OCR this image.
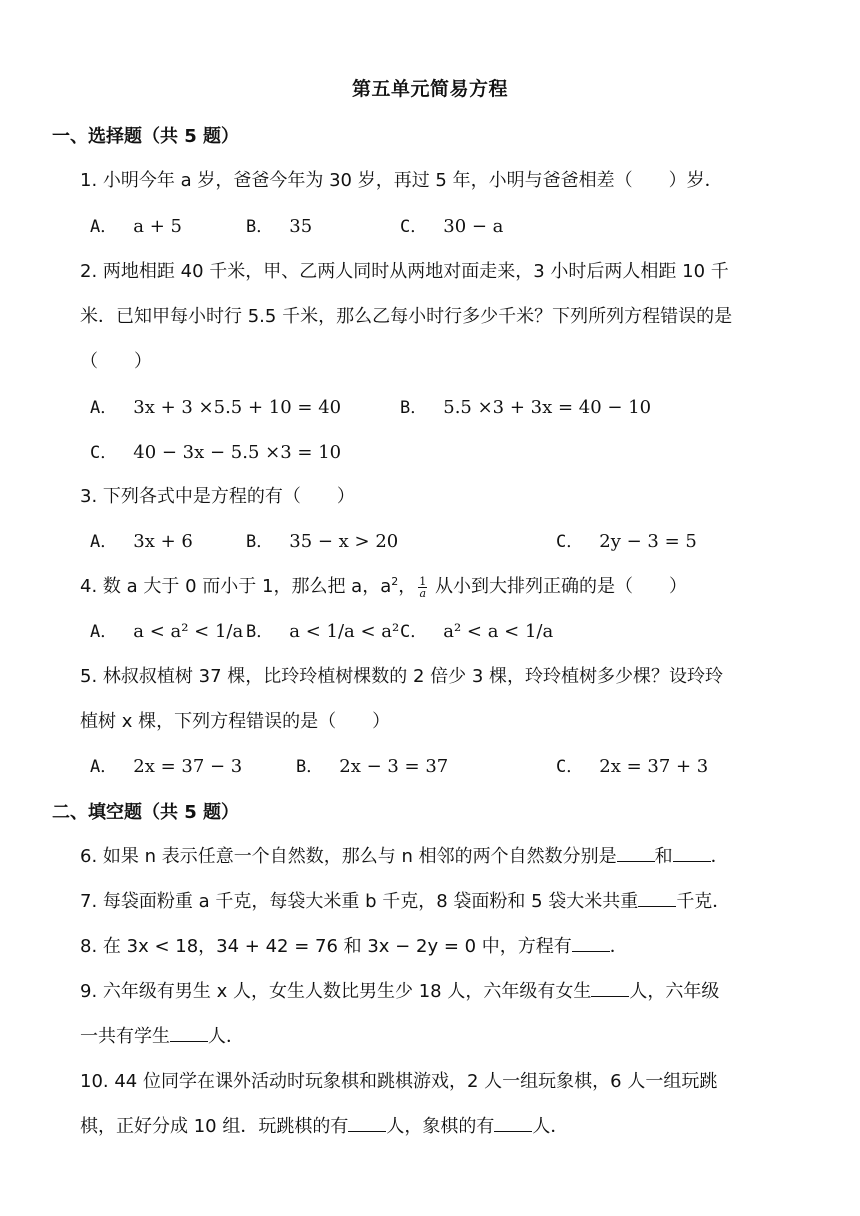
第五单元简易方程
一、选择题（共 5 题）
1. 小明今年 a 岁，爸爸今年为 30 岁，再过 5 年，小明与爸爸相差（　　）岁．
A． a + 5	B． 35	C． 30 − a
2. 两地相距 40 千米，甲、乙两人同时从两地对面走来，3 小时后两人相距 10 千
米．已知甲每小时行 5.5 千米，那么乙每小时行多少千米？下列所列方程错误的是
（　　）
A． 3x + 3 ×5.5 + 10 = 40	B． 5.5 ×3 + 3x = 40 − 10
C． 40 − 3x − 5.5 ×3 = 10
3. 下列各式中是方程的有（　　）
A． 3x + 6	B． 35 − x > 20	C． 2y − 3 = 5
4. 数 a 大于 0 而小于 1，那么把 a，$a^2$， $\frac{1}{a}$ 从小到大排列正确的是（　　）
A． a < a² < 1/a B． a < 1/a < a² C． a² < a < 1/a
5. 林叔叔植树 37 棵，比玲玲植树棵数的 2 倍少 3 棵，玲玲植树多少棵？设玲玲
植树 x 棵，下列方程错误的是（　　）
A． 2x = 37 − 3	B． 2x − 3 = 37	C． 2x = 37 + 3
二、填空题（共 5 题）
6. 如果 n 表示任意一个自然数，那么与 n 相邻的两个自然数分别是 和 ．
7. 每袋面粉重 a 千克，每袋大米重 b 千克，8 袋面粉和 5 袋大米共重 千克．
8. 在 3x < 18，34 + 42 = 76 和 3x − 2y = 0 中，方程有 ．
9. 六年级有男生 x 人，女生人数比男生少 18 人，六年级有女生 人，六年级
一共有学生 人．
10. 44 位同学在课外活动时玩象棋和跳棋游戏，2 人一组玩象棋，6 人一组玩跳
棋，正好分成 10 组．玩跳棋的有 人，象棋的有 人．
